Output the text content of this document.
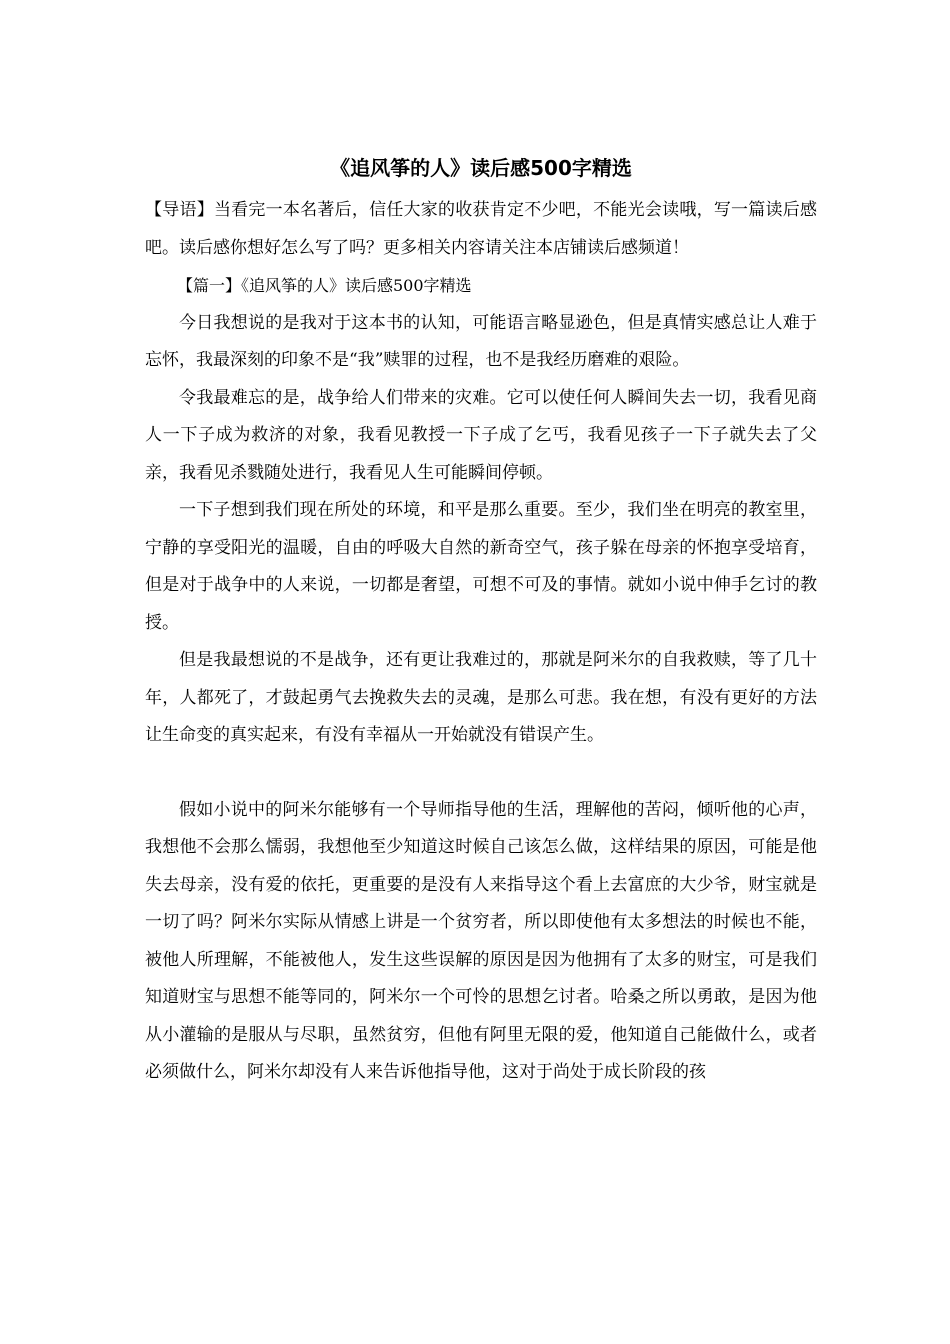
《追风筝的人》读后感500字精选

【导语】当看完一本名著后，信任大家的收获肯定不少吧，不能光会读哦，写一篇读后感吧。读后感你想好怎么写了吗？更多相关内容请关注本店铺读后感频道！

【篇一】《追风筝的人》读后感500字精选

今日我想说的是我对于这本书的认知，可能语言略显逊色，但是真情实感总让人难于忘怀，我最深刻的印象不是“我”赎罪的过程，也不是我经历磨难的艰险。

令我最难忘的是，战争给人们带来的灾难。它可以使任何人瞬间失去一切，我看见商人一下子成为救济的对象，我看见教授一下子成了乞丐，我看见孩子一下子就失去了父亲，我看见杀戮随处进行，我看见人生可能瞬间停顿。

一下子想到我们现在所处的环境，和平是那么重要。至少，我们坐在明亮的教室里，宁静的享受阳光的温暖，自由的呼吸大自然的新奇空气，孩子躲在母亲的怀抱享受培育，但是对于战争中的人来说，一切都是奢望，可想不可及的事情。就如小说中伸手乞讨的教授。

但是我最想说的不是战争，还有更让我难过的，那就是阿米尔的自我救赎，等了几十年，人都死了，才鼓起勇气去挽救失去的灵魂，是那么可悲。我在想，有没有更好的方法让生命变的真实起来，有没有幸福从一开始就没有错误产生。

假如小说中的阿米尔能够有一个导师指导他的生活，理解他的苦闷，倾听他的心声，我想他不会那么懦弱，我想他至少知道这时候自己该怎么做，这样结果的原因，可能是他失去母亲，没有爱的依托，更重要的是没有人来指导这个看上去富庶的大少爷，财宝就是一切了吗？阿米尔实际从情感上讲是一个贫穷者，所以即使他有太多想法的时候也不能，被他人所理解，不能被他人，发生这些误解的原因是因为他拥有了太多的财宝，可是我们知道财宝与思想不能等同的，阿米尔一个可怜的思想乞讨者。哈桑之所以勇敢，是因为他从小灌输的是服从与尽职，虽然贫穷，但他有阿里无限的爱，他知道自己能做什么，或者必须做什么，阿米尔却没有人来告诉他指导他，这对于尚处于成长阶段的孩
